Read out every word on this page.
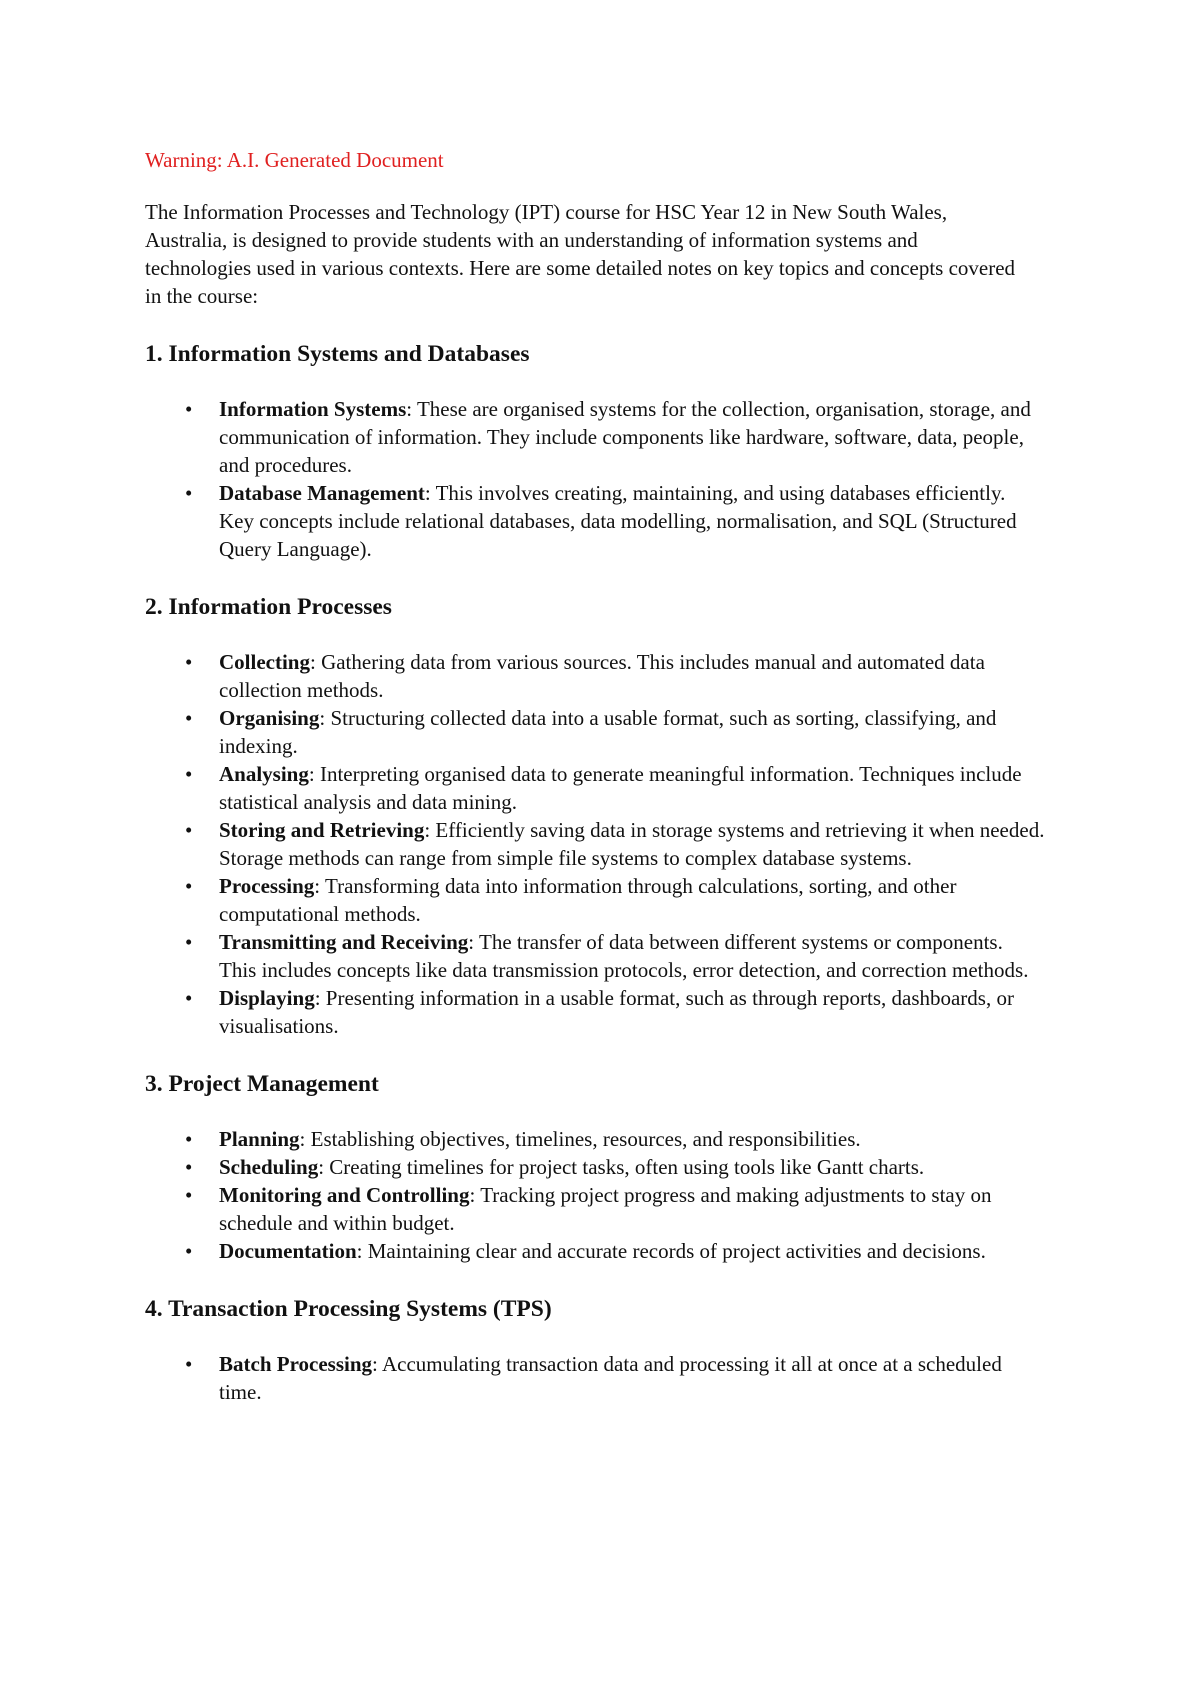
Warning: A.I. Generated Document

The Information Processes and Technology (IPT) course for HSC Year 12 in New South Wales, Australia, is designed to provide students with an understanding of information systems and technologies used in various contexts. Here are some detailed notes on key topics and concepts covered in the course:

1. Information Systems and Databases
• Information Systems: These are organised systems for the collection, organisation, storage, and communication of information. They include components like hardware, software, data, people, and procedures.
• Database Management: This involves creating, maintaining, and using databases efficiently. Key concepts include relational databases, data modelling, normalisation, and SQL (Structured Query Language).
2. Information Processes
• Collecting: Gathering data from various sources. This includes manual and automated data collection methods.
• Organising: Structuring collected data into a usable format, such as sorting, classifying, and indexing.
• Analysing: Interpreting organised data to generate meaningful information. Techniques include statistical analysis and data mining.
• Storing and Retrieving: Efficiently saving data in storage systems and retrieving it when needed. Storage methods can range from simple file systems to complex database systems.
• Processing: Transforming data into information through calculations, sorting, and other computational methods.
• Transmitting and Receiving: The transfer of data between different systems or components. This includes concepts like data transmission protocols, error detection, and correction methods.
• Displaying: Presenting information in a usable format, such as through reports, dashboards, or visualisations.
3. Project Management
• Planning: Establishing objectives, timelines, resources, and responsibilities.
• Scheduling: Creating timelines for project tasks, often using tools like Gantt charts.
• Monitoring and Controlling: Tracking project progress and making adjustments to stay on schedule and within budget.
• Documentation: Maintaining clear and accurate records of project activities and decisions.
4. Transaction Processing Systems (TPS)
• Batch Processing: Accumulating transaction data and processing it all at once at a scheduled time.
